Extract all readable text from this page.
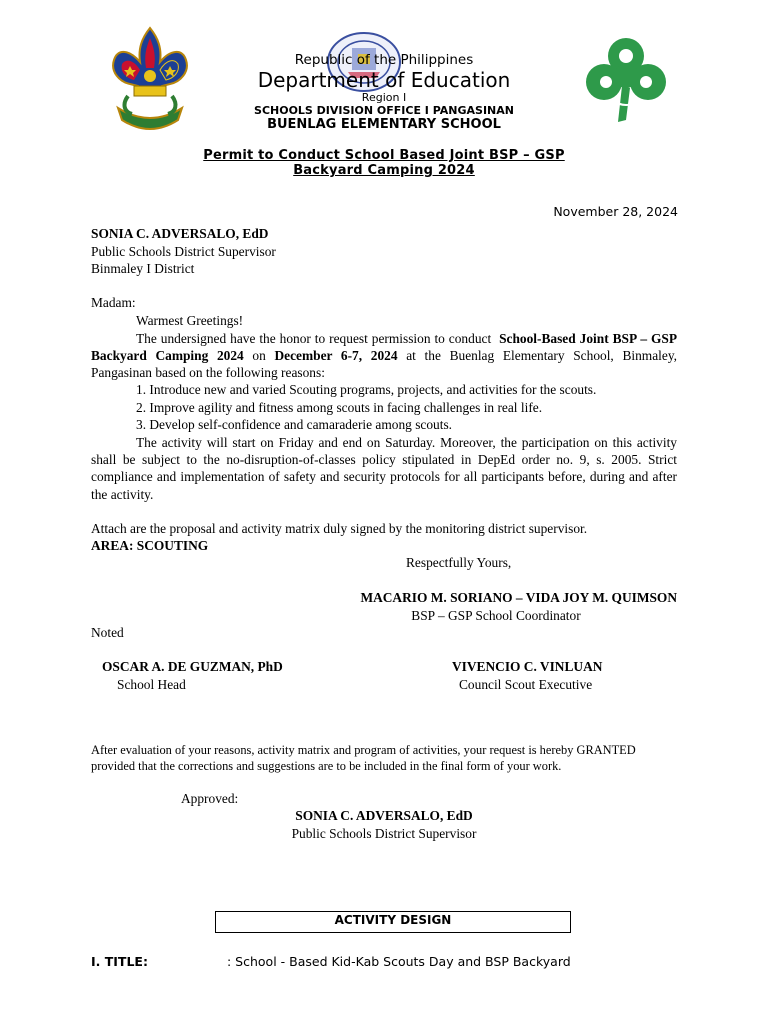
Republic of the Philippines
Department of Education
Region I
SCHOOLS DIVISION OFFICE I PANGASINAN
BUENLAG ELEMENTARY SCHOOL
Permit to Conduct School Based Joint BSP – GSP
Backyard Camping 2024
November 28, 2024
SONIA C. ADVERSALO, EdD
Public Schools District Supervisor
Binmaley I District
Madam:
Warmest Greetings!
The undersigned have the honor to request permission to conduct School-Based Joint BSP – GSP Backyard Camping 2024 on December 6-7, 2024 at the Buenlag Elementary School, Binmaley, Pangasinan based on the following reasons:
1. Introduce new and varied Scouting programs, projects, and activities for the scouts.
2. Improve agility and fitness among scouts in facing challenges in real life.
3. Develop self-confidence and camaraderie among scouts.
The activity will start on Friday and end on Saturday. Moreover, the participation on this activity shall be subject to the no-disruption-of-classes policy stipulated in DepEd order no. 9, s. 2005. Strict compliance and implementation of safety and security protocols for all participants before, during and after the activity.
Attach are the proposal and activity matrix duly signed by the monitoring district supervisor.
AREA: SCOUTING
Respectfully Yours,
MACARIO M. SORIANO – VIDA JOY M. QUIMSON
BSP – GSP School Coordinator
Noted
OSCAR A. DE GUZMAN, PhD
School Head
VIVENCIO C. VINLUAN
Council Scout Executive
After evaluation of your reasons, activity matrix and program of activities, your request is hereby GRANTED provided that the corrections and suggestions are to be included in the final form of your work.
Approved:
SONIA C. ADVERSALO, EdD
Public Schools District Supervisor
ACTIVITY DESIGN
I. TITLE:	: School - Based Kid-Kab Scouts Day and BSP Backyard
